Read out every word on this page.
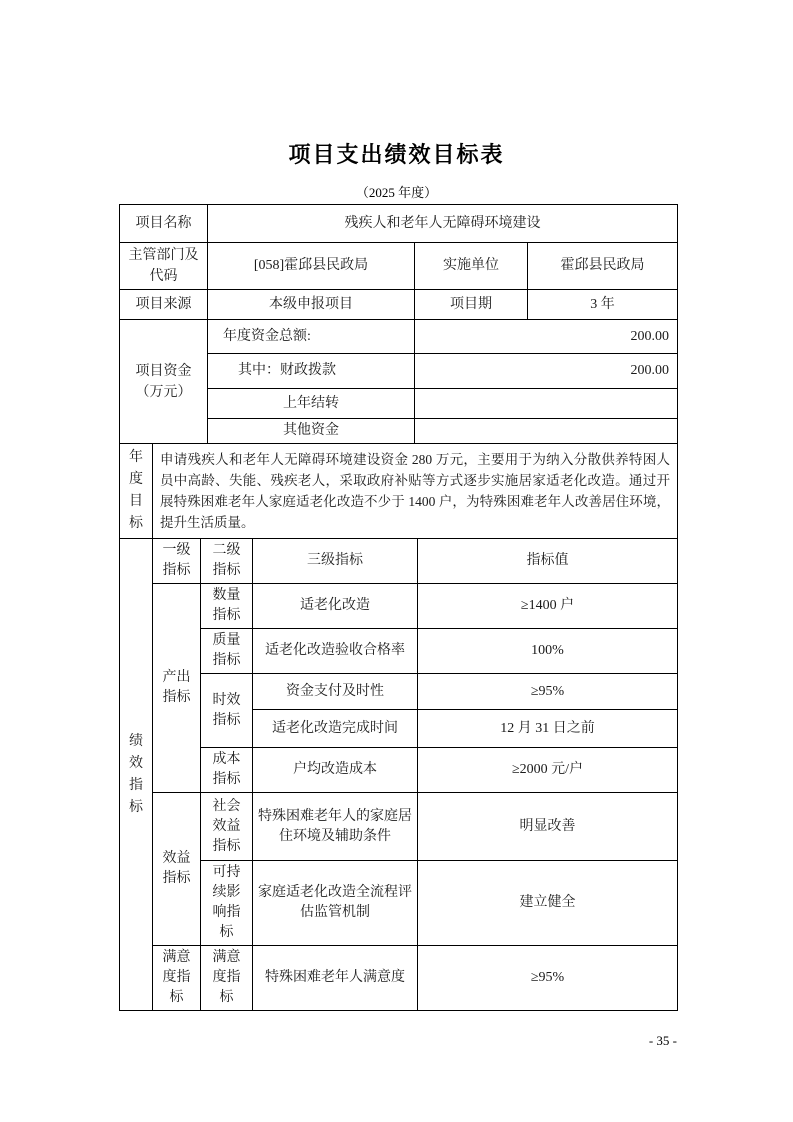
项目支出绩效目标表
（2025 年度）
项目名称	残疾人和老年人无障碍环境建设		

主管部门及代码	[058]霍邱县民政局	实施单位	霍邱县民政局
项目来源	本级申报项目	项目期	3 年

项目资金（万元）	年度资金总额:	200.00	
	其中：财政拨款	200.00	
	上年结转		
	其他资金		
年度目标
	申请残疾人和老年人无障碍环境建设资金 280 万元，主要用于为纳入分散供养特困人员中高龄、失能、残疾老人，采取政府补贴等方式逐步实施居家适老化改造。通过开展特殊困难老年人家庭适老化改造不少于 1400 户，为特殊困难老年人改善居住环境，提升生活质量。
绩效指标	一级指标	二级指标	三级指标	指标值

	产出指标	数量指标	适老化改造	≥1400 户

		质量指标	适老化改造验收合格率	100%

		时效指标	资金支付及时性	≥95%
			适老化改造完成时间	12 月 31 日之前

		成本指标	户均改造成本	≥2000 元/户

	效益指标	社会效益指标	特殊困难老年人的家庭居住环境及辅助条件	明显改善

		可持续影响指标	家庭适老化改造全流程评估监管机制	建立健全

	满意度指标	满意度指标	特殊困难老年人满意度	≥95%
- 35 -
